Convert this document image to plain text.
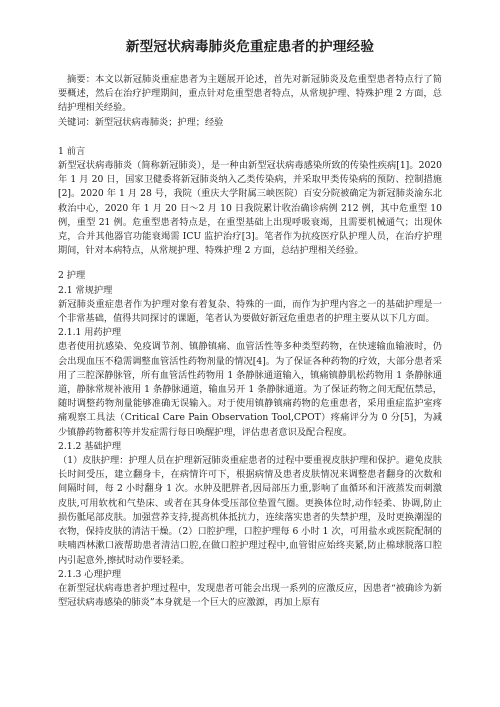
新型冠状病毒肺炎危重症患者的护理经验

摘要：本文以新冠肺炎重症患者为主题展开论述，首先对新冠肺炎及危重型患者特点行了简要概述，然后在治疗护理期间，重点针对危重型患者特点，从常规护理、特殊护理 2 方面，总结护理相关经验。

关键词：新型冠状病毒肺炎；护理；经验

1 前言

新型冠状病毒肺炎（简称新冠肺炎），是一种由新型冠状病毒感染所致的传染性疾病[1]。2020 年 1 月 20 日，国家卫健委将新冠肺炎纳入乙类传染病，并采取甲类传染病的预防、控制措施[2]。2020 年 1 月 28 号，我院（重庆大学附属三峡医院）百安分院被确定为新冠肺炎渝东北救治中心，2020 年 1 月 20 日～2 月 10 日我院累计收治确诊病例 212 例，其中危重型 10 例，重型 21 例。危重型患者特点是，在重型基础上出现呼吸衰竭，且需要机械通气；出现休克，合并其他器官功能衰竭需 ICU 监护治疗[3]。笔者作为抗疫医疗队护理人员，在治疗护理期间，针对本病特点，从常规护理、特殊护理 2 方面，总结护理相关经验。

2 护理

2.1 常规护理

新冠肺炎重症患者作为护理对象有着复杂、特殊的一面，而作为护理内容之一的基础护理是一个非常基础，值得共同探讨的课题，笔者认为要做好新冠危重患者的护理主要从以下几方面。

2.1.1 用药护理

患者使用抗感染、免疫调节剂、镇静镇痛、血管活性等多种类型药物，在快速输血输液时，仍会出现血压不稳需调整血管活性药物剂量的情况[4]。为了保证各种药物的疗效，大部分患者采用了三腔深静脉管，所有血管活性药物用 1 条静脉通道输入，镇痛镇静肌松药物用 1 条静脉通道，静脉常规补液用 1 条静脉通道，输血另开 1 条静脉通道。为了保证药物之间无配伍禁忌，随时调整药物剂量能够准确无误输入。对于使用镇静镇痛药物的危重患者，采用重症监护室疼痛观察工具法（Critical Care Pain Observation Tool,CPOT）疼痛评分为 0 分[5]，为减少镇静药物蓄积等并发症需行每日唤醒护理，评估患者意识及配合程度。

2.1.2 基础护理

（1）皮肤护理：护理人员在护理新冠肺炎重症患者的过程中要重视皮肤护理和保护。避免皮肤长时间受压，建立翻身卡，在病情许可下，根据病情及患者皮肤情况来调整患者翻身的次数和间隔时间，每 2 小时翻身 1 次。水肿及肥胖者,因局部压力重,影响了血循环和汗液蒸发而刺激皮肤,可用软枕和气垫床、或者在其身体受压部位垫置气圈。更换体位时,动作轻柔、协调,防止损伤骶尾部皮肤。加强营养支持,提高机体抵抗力，连续落实患者的失禁护理，及时更换潮湿的衣物，保持皮肤的清洁干燥。（2）口腔护理，口腔护理每 6 小时 1 次，可用盐水或医院配制的呋喃西林漱口液帮助患者清洁口腔,在做口腔护理过程中,血管钳应始终夹紧,防止棉球脱落口腔内引起意外,擦拭时动作要轻柔。

2.1.3 心理护理

在新型冠状病毒患者护理过程中，发现患者可能会出现一系列的应激反应，因患者“被确诊为新型冠状病毒感染的肺炎”本身就是一个巨大的应激源，再加上原有
